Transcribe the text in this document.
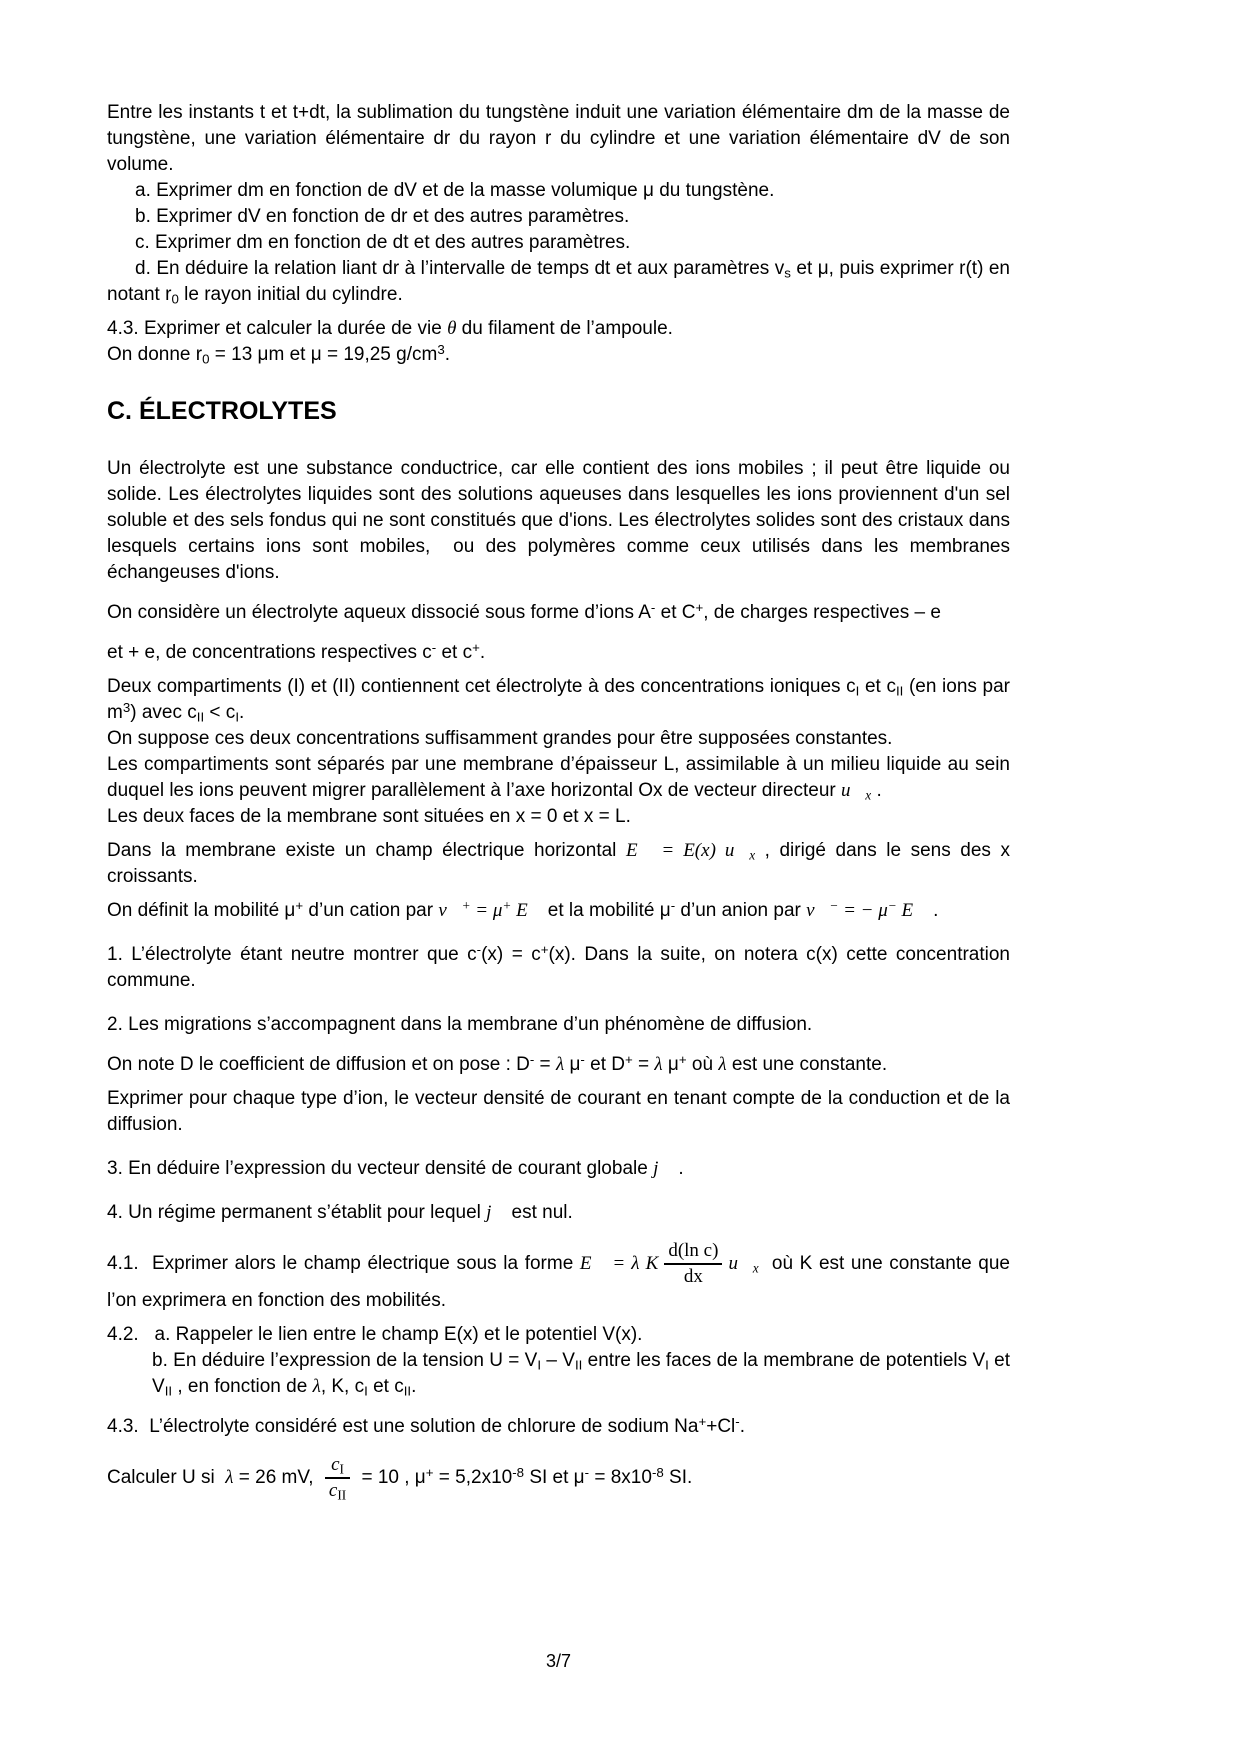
Entre les instants t et t+dt, la sublimation du tungstène induit une variation élémentaire dm de la masse de tungstène, une variation élémentaire dr du rayon r du cylindre et une variation élémentaire dV de son volume.

a. Exprimer dm en fonction de dV et de la masse volumique μ du tungstène.

b. Exprimer dV en fonction de dr et des autres paramètres.

c. Exprimer dm en fonction de dt et des autres paramètres.

d. En déduire la relation liant dr à l’intervalle de temps dt et aux paramètres $v_s$ et μ, puis exprimer r(t) en notant $r_0$ le rayon initial du cylindre.

4.3. Exprimer et calculer la durée de vie θ du filament de l’ampoule.

On donne $r_0 = 13$ μm et μ = 19,25 $g/cm^3$.

C. ÉLECTROLYTES

Un électrolyte est une substance conductrice, car elle contient des ions mobiles ; il peut être liquide ou solide. Les électrolytes liquides sont des solutions aqueuses dans lesquelles les ions proviennent d'un sel soluble et des sels fondus qui ne sont constitués que d'ions. Les électrolytes solides sont des cristaux dans lesquels certains ions sont mobiles,  ou des polymères comme ceux utilisés dans les membranes échangeuses d'ions.

On considère un électrolyte aqueux dissocié sous forme d’ions A- et C+, de charges respectives – e

et + e, de concentrations respectives c- et c+.

Deux compartiments (I) et (II) contiennent cet électrolyte à des concentrations ioniques $c_I$ et $c_{II}$ (en ions par $m^3$) avec $c_{II} < c_I$.

On suppose ces deux concentrations suffisamment grandes pour être supposées constantes.

Les compartiments sont séparés par une membrane d’épaisseur L, assimilable à un milieu liquide au sein duquel les ions peuvent migrer parallèlement à l’axe horizontal Ox de vecteur directeur $u⃗_x$ .

Les deux faces de la membrane sont situées en x = 0 et x = L.

Dans la membrane existe un champ électrique horizontal E⃗ = E(x) $u⃗_x$ , dirigé dans le sens des x croissants.

On définit la mobilité μ+ d’un cation par v⃗+ = μ+ E⃗ et la mobilité μ- d’un anion par v⃗− = − μ− E⃗ .

1. L’électrolyte étant neutre montrer que c-(x) = c+(x). Dans la suite, on notera c(x) cette concentration commune.

2. Les migrations s’accompagnent dans la membrane d’un phénomène de diffusion.

On note D le coefficient de diffusion et on pose : D- = λ μ- et D+ = λ μ+ où λ est une constante.

Exprimer pour chaque type d’ion, le vecteur densité de courant en tenant compte de la conduction et de la diffusion.

3. En déduire l’expression du vecteur densité de courant globale j⃗ .

4. Un régime permanent s’établit pour lequel j⃗ est nul.

4.1.  Exprimer alors le champ électrique sous la forme E⃗ = λ K $\frac{\text{d(ln c)}}{dx}$ $u⃗_x$  où K est une constante que l’on exprimera en fonction des mobilités.

4.2.   a. Rappeler le lien entre le champ E(x) et le potentiel V(x).

b. En déduire l’expression de la tension $U = V_I - V_{II}$ entre les faces de la membrane de potentiels $V_I$ et $V_{II}$ , en fonction de λ, K, $c_I$ et $c_{II}$.

4.3.  L’électrolyte considéré est une solution de chlorure de sodium Na++Cl-.

Calculer U si  λ = 26 mV, $\frac{c_I}{c_{II}} = 10$ , $\mu^+ = 5,2x10^{-8}$ SI et $\mu^- = 8x10^{-8}$ SI.

3/7
